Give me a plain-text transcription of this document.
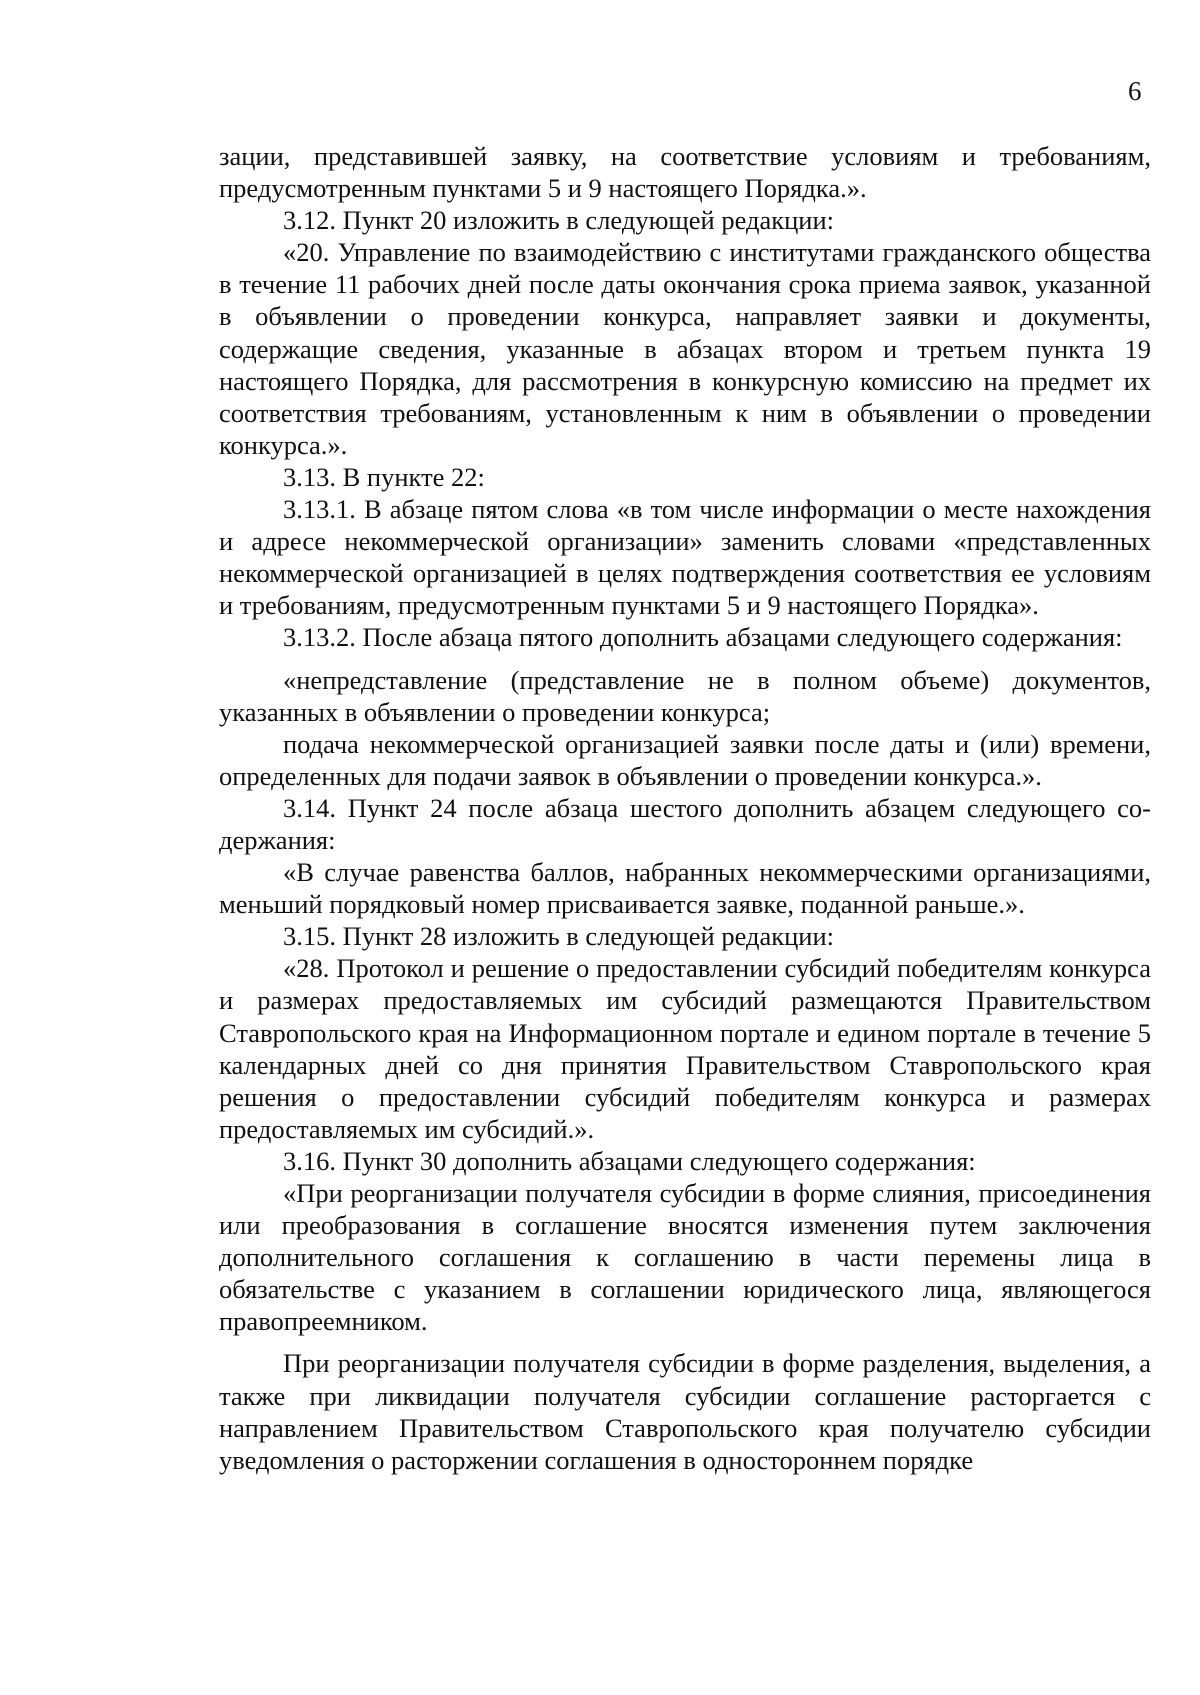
6

зации, представившей заявку, на соответствие условиям и требованиям, предусмотренным пунктами 5 и 9 настоящего Порядка.».

3.12. Пункт 20 изложить в следующей редакции:

«20. Управление по взаимодействию с институтами гражданского общества в течение 11 рабочих дней после даты окончания срока приема заявок, указанной в объявлении о проведении конкурса, направляет заявки и документы, содержащие сведения, указанные в абзацах втором и третьем пункта 19 настоящего Порядка, для рассмотрения в конкурсную комиссию на предмет их соответствия требованиям, установленным к ним в объявлении о проведении конкурса.».

3.13. В пункте 22:

3.13.1. В абзаце пятом слова «в том числе информации о месте нахождения и адресе некоммерческой организации» заменить словами «представленных некоммерческой организацией в целях подтверждения соответствия ее условиям и требованиям, предусмотренным пунктами 5 и 9 настоящего Порядка».

3.13.2. После абзаца пятого дополнить абзацами следующего содержания:

«непредставление (представление не в полном объеме) документов, указанных в объявлении о проведении конкурса;

подача некоммерческой организацией заявки после даты и (или) времени, определенных для подачи заявок в объявлении о проведении конкурса.».

3.14. Пункт 24 после абзаца шестого дополнить абзацем следующего содержания:

«В случае равенства баллов, набранных некоммерческими организациями, меньший порядковый номер присваивается заявке, поданной раньше.».

3.15. Пункт 28 изложить в следующей редакции:

«28. Протокол и решение о предоставлении субсидий победителям конкурса и размерах предоставляемых им субсидий размещаются Правительством Ставропольского края на Информационном портале и едином портале в течение 5 календарных дней со дня принятия Правительством Ставропольского края решения о предоставлении субсидий победителям конкурса и размерах предоставляемых им субсидий.».

3.16. Пункт 30 дополнить абзацами следующего содержания:

«При реорганизации получателя субсидии в форме слияния, присоединения или преобразования в соглашение вносятся изменения путем заключения дополнительного соглашения к соглашению в части перемены лица в обязательстве с указанием в соглашении юридического лица, являющегося правопреемником.

При реорганизации получателя субсидии в форме разделения, выделения, а также при ликвидации получателя субсидии соглашение расторгается с направлением Правительством Ставропольского края получателю субсидии уведомления о расторжении соглашения в одностороннем порядке
